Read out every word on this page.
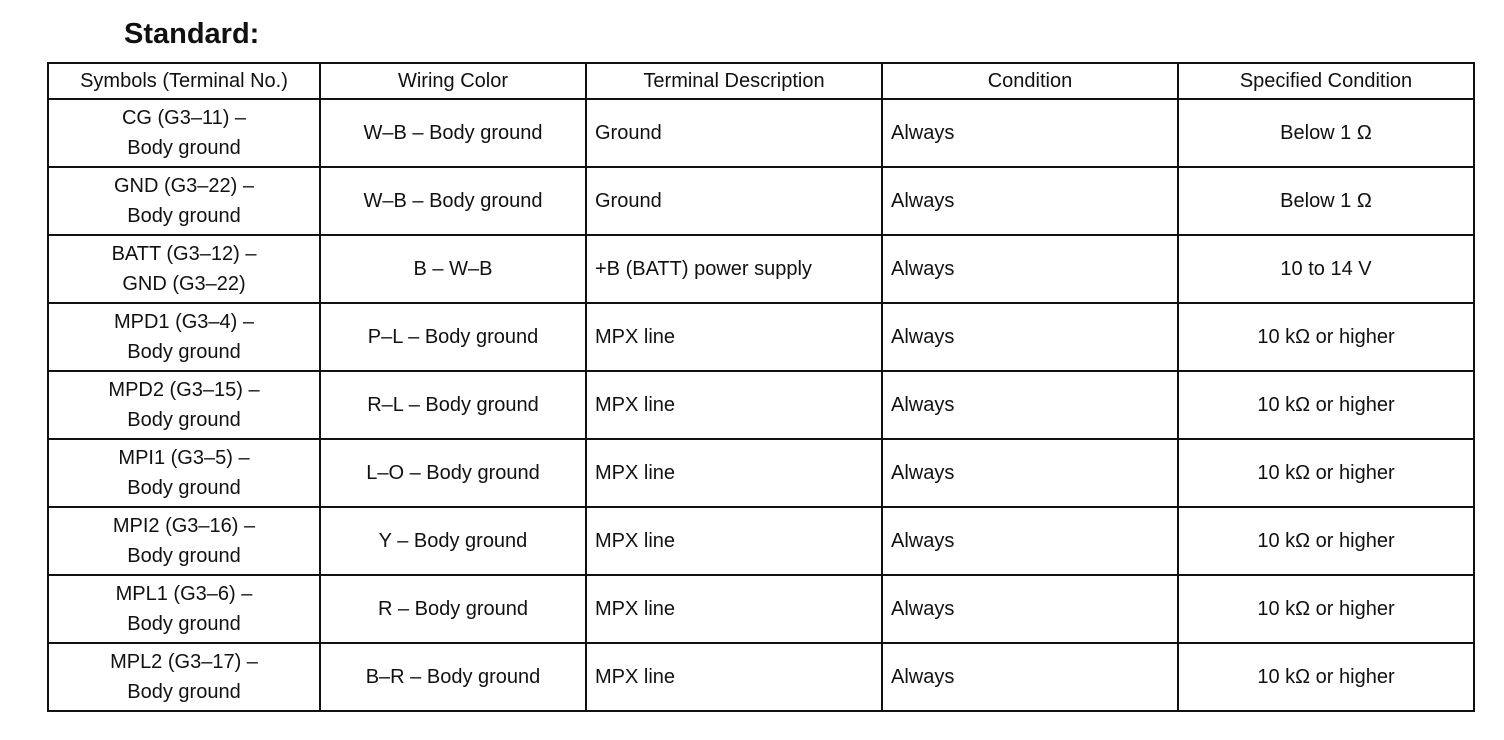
Standard:
Symbols (Terminal No.)	Wiring Color	Terminal Description	Condition	Specified Condition

CG (G3–11) –
Body ground	W–B – Body ground	Ground	Always	Below 1 Ω

GND (G3–22) –
Body ground	W–B – Body ground	Ground	Always	Below 1 Ω

BATT (G3–12) –
GND (G3–22)	B – W–B	+B (BATT) power supply	Always	10 to 14 V

MPD1 (G3–4) –
Body ground	P–L – Body ground	MPX line	Always	10 kΩ or higher

MPD2 (G3–15) –
Body ground	R–L – Body ground	MPX line	Always	10 kΩ or higher

MPI1 (G3–5) –
Body ground	L–O – Body ground	MPX line	Always	10 kΩ or higher

MPI2 (G3–16) –
Body ground	Y – Body ground	MPX line	Always	10 kΩ or higher

MPL1 (G3–6) –
Body ground	R – Body ground	MPX line	Always	10 kΩ or higher

MPL2 (G3–17) –
Body ground	B–R – Body ground	MPX line	Always	10 kΩ or higher
